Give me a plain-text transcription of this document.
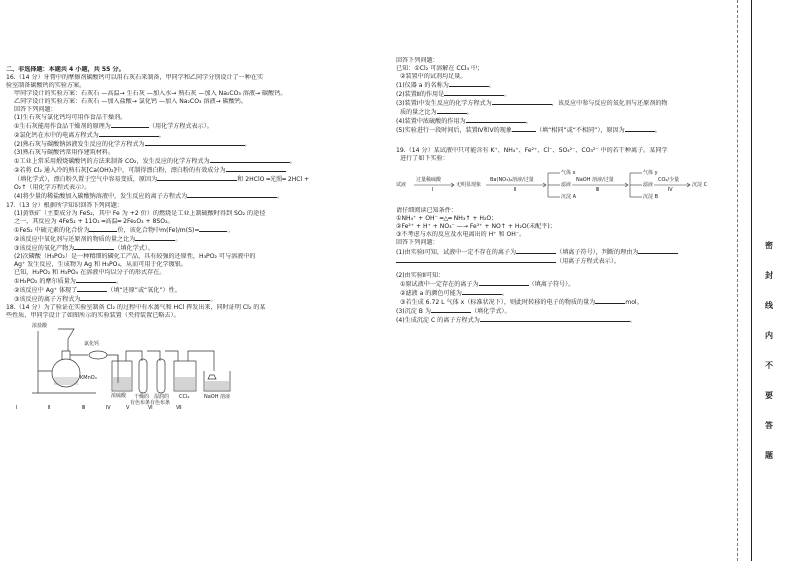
二、非选择题：本题共 4 小题，共 55 分。
16.（14 分）牙膏中的摩擦剂碳酸钙可以用石灰石来制备，甲同学和乙同学分别设计了一种在实
验室制备碳酸钙的实验方案。
甲同学设计的实验方案：石灰石 —高温→ 生石灰 —加入水→ 熟石灰 —加入 Na₂CO₃ 溶液→ 碳酸钙。
乙同学设计的实验方案：石灰石 —加入盐酸→ 氯化钙 —加入 Na₂CO₃ 溶液→ 碳酸钙。
回答下列问题：
(1)生石灰与氯化钙均可用作食品干燥剂。
①生石灰能用作食品干燥剂的原理为	（用化学方程式表示）。
②氯化钙在水中的电离方程式为	。
(2)熟石灰与碳酸钠溶液发生反应的化学方程式为	。
(3)熟石灰与碳酸钙常用作建筑材料。
①工业上常采用煅烧碳酸钙的方法来制备 CO₂，发生反应的化学方程式为	。
②若将 Cl₂ 通入冷的熟石灰[Ca(OH)₂]中，可制得漂白粉，漂白粉的有效成分为
（填化学式），漂白粉久置于空气中容易变质，原因为	和 2HClO ═光照═ 2HCl +
O₂↑（用化学方程式表示）。
(4)将少量的稀盐酸加入碳酸钠溶液中，发生反应的离子方程式为	。
17.（13 分）根据所学知识回答下列问题：
(1)黄铁矿（主要成分为 FeS₂，其中 Fe 为 +2 价）的燃烧是工业上制硫酸时得到 SO₂ 的途径
之一，其反应为 4FeS₂ + 11O₂ ═高温═ 2Fe₂O₃ + 8SO₂。
①FeS₂ 中硫元素的化合价为	价，该化合物中m(Fe)/m(S)=	。
②该反应中氧化剂与还原剂的物质的量之比为	。
③该反应的氧化产物为	（填化学式）。
(2)次磷酸（H₃PO₂）是一种精细的磷化工产品，具有较强的还原性，H₃PO₂ 可与溶液中的
Ag⁺ 发生反应，生成物为 Ag 和 H₃PO₄，从而可用于化学镀银。
已知，H₃PO₂ 和 H₃PO₄ 在溶液中均以分子的形式存在。
①H₃PO₂ 的摩尔质量为	。
②该反应中 Ag⁺ 体现了	（填“还原”或“氧化”）性。
③该反应的离子方程式为	。
18.（14 分）为了验证在实验室制备 Cl₂ 的过程中有水蒸气和 HCl 挥发出来，同时证明 Cl₂ 的某
些性质，甲同学设计了如图所示的实验装置（夹持装置已略去）。
浓盐酸
氯化钙
KMnO₄
浓硫酸 干燥的
有色布条
湿润的
有色布条
CCl₄	NaOH 溶液
Ⅰ	Ⅱ	Ⅲ	Ⅳ	Ⅴ	Ⅵ	Ⅶ
回答下列问题：
已知：①Cl₂ 可溶解在 CCl₄ 中；
②装置中的试剂均足量。
(1)仪器 a 的名称为	。
(2)装置Ⅱ的作用是	。
(3)装置Ⅰ中发生反应的化学方程式为	，该反应中参与反应的氧化剂与还原剂的物
质的量之比为	。
(4)装置中浓硫酸的作用为	。
(5)实验进行一段时间后，装置Ⅳ和Ⅴ的现象	（填“相同”或“不相同”），原因为	。
19.（14 分）某试液中只可能含有 K⁺、NH₄⁺、Fe²⁺、Cl⁻、SO₄²⁻、CO₃²⁻ 中的若干种离子。某同学
进行了如下实验：
试液
过量稀硫酸
Ⅰ
无明显现象
Ba(NO₃)₂溶液/过量
Ⅱ
气体 x
滤液
沉淀 A
NaOH 溶液/过量
Ⅲ
气体 y
滤液
沉淀 B
CO₂/少量
Ⅳ
沉淀 C
请仔细阅读已知条件：
①NH₄⁺ + OH⁻ ═△═ NH₃↑ + H₂O；
②Fe²⁺ + H⁺ + NO₃⁻ —→ Fe³⁺ + NO↑ + H₂O(未配平)；
③不考虑与水的反应及水电离出的 H⁺ 和 OH⁻。
回答下列问题：
(1)由实验Ⅰ可知，试液中一定不存在的离子为	（填离子符号），判断的理由为
（用离子方程式表示）。
(2)由实验Ⅱ可知：
①原试液中一定存在的离子为	（填离子符号）。
②滤液 a 的颜色可能为	。
③若生成 6.72 L 气体 x（标准状况下），则此时转移的电子的物质的量为	mol。
(3)沉淀 B 为	（填化学式）。
(4)生成沉淀 C 的离子方程式为	。
密
封
线
内
不
要
答
题
